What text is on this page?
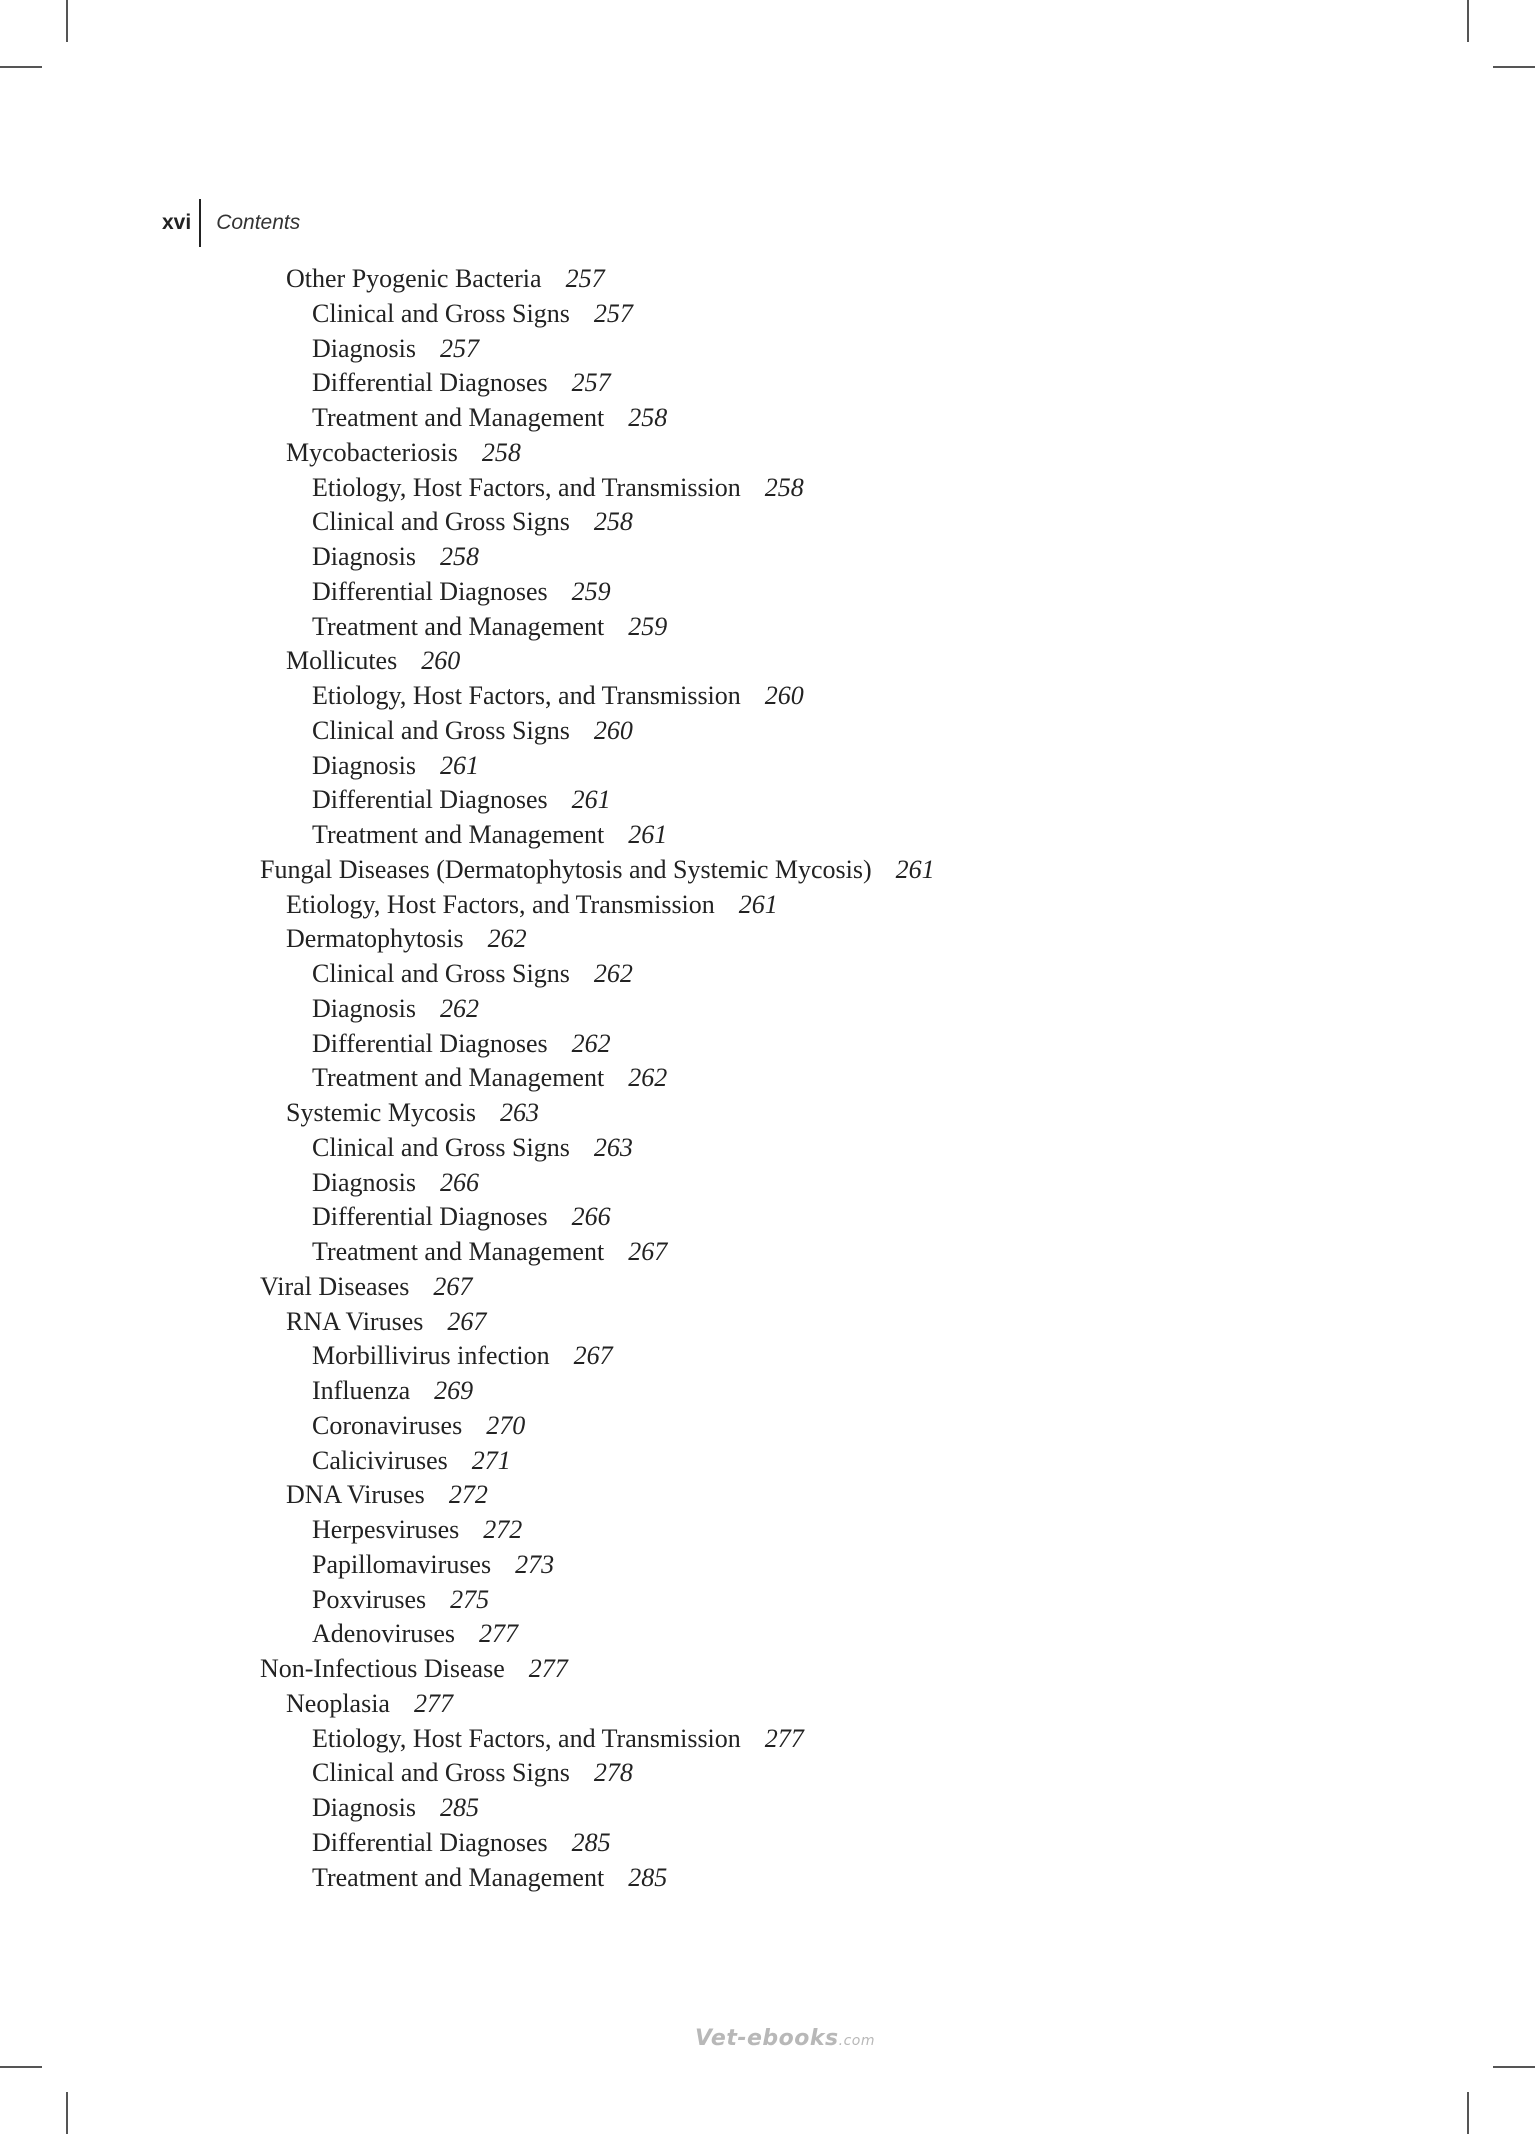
xvi	Contents
Other Pyogenic Bacteria 257
Clinical and Gross Signs 257
Diagnosis 257
Differential Diagnoses 257
Treatment and Management 258
Mycobacteriosis 258
Etiology, Host Factors, and Transmission 258
Clinical and Gross Signs 258
Diagnosis 258
Differential Diagnoses 259
Treatment and Management 259
Mollicutes 260
Etiology, Host Factors, and Transmission 260
Clinical and Gross Signs 260
Diagnosis 261
Differential Diagnoses 261
Treatment and Management 261
Fungal Diseases (Dermatophytosis and Systemic Mycosis) 261
Etiology, Host Factors, and Transmission 261
Dermatophytosis 262
Clinical and Gross Signs 262
Diagnosis 262
Differential Diagnoses 262
Treatment and Management 262
Systemic Mycosis 263
Clinical and Gross Signs 263
Diagnosis 266
Differential Diagnoses 266
Treatment and Management 267
Viral Diseases 267
RNA Viruses 267
Morbillivirus infection 267
Influenza 269
Coronaviruses 270
Caliciviruses 271
DNA Viruses 272
Herpesviruses 272
Papillomaviruses 273
Poxviruses 275
Adenoviruses 277
Non-Infectious Disease 277
Neoplasia 277
Etiology, Host Factors, and Transmission 277
Clinical and Gross Signs 278
Diagnosis 285
Differential Diagnoses 285
Treatment and Management 285
Vet-ebooks.com
